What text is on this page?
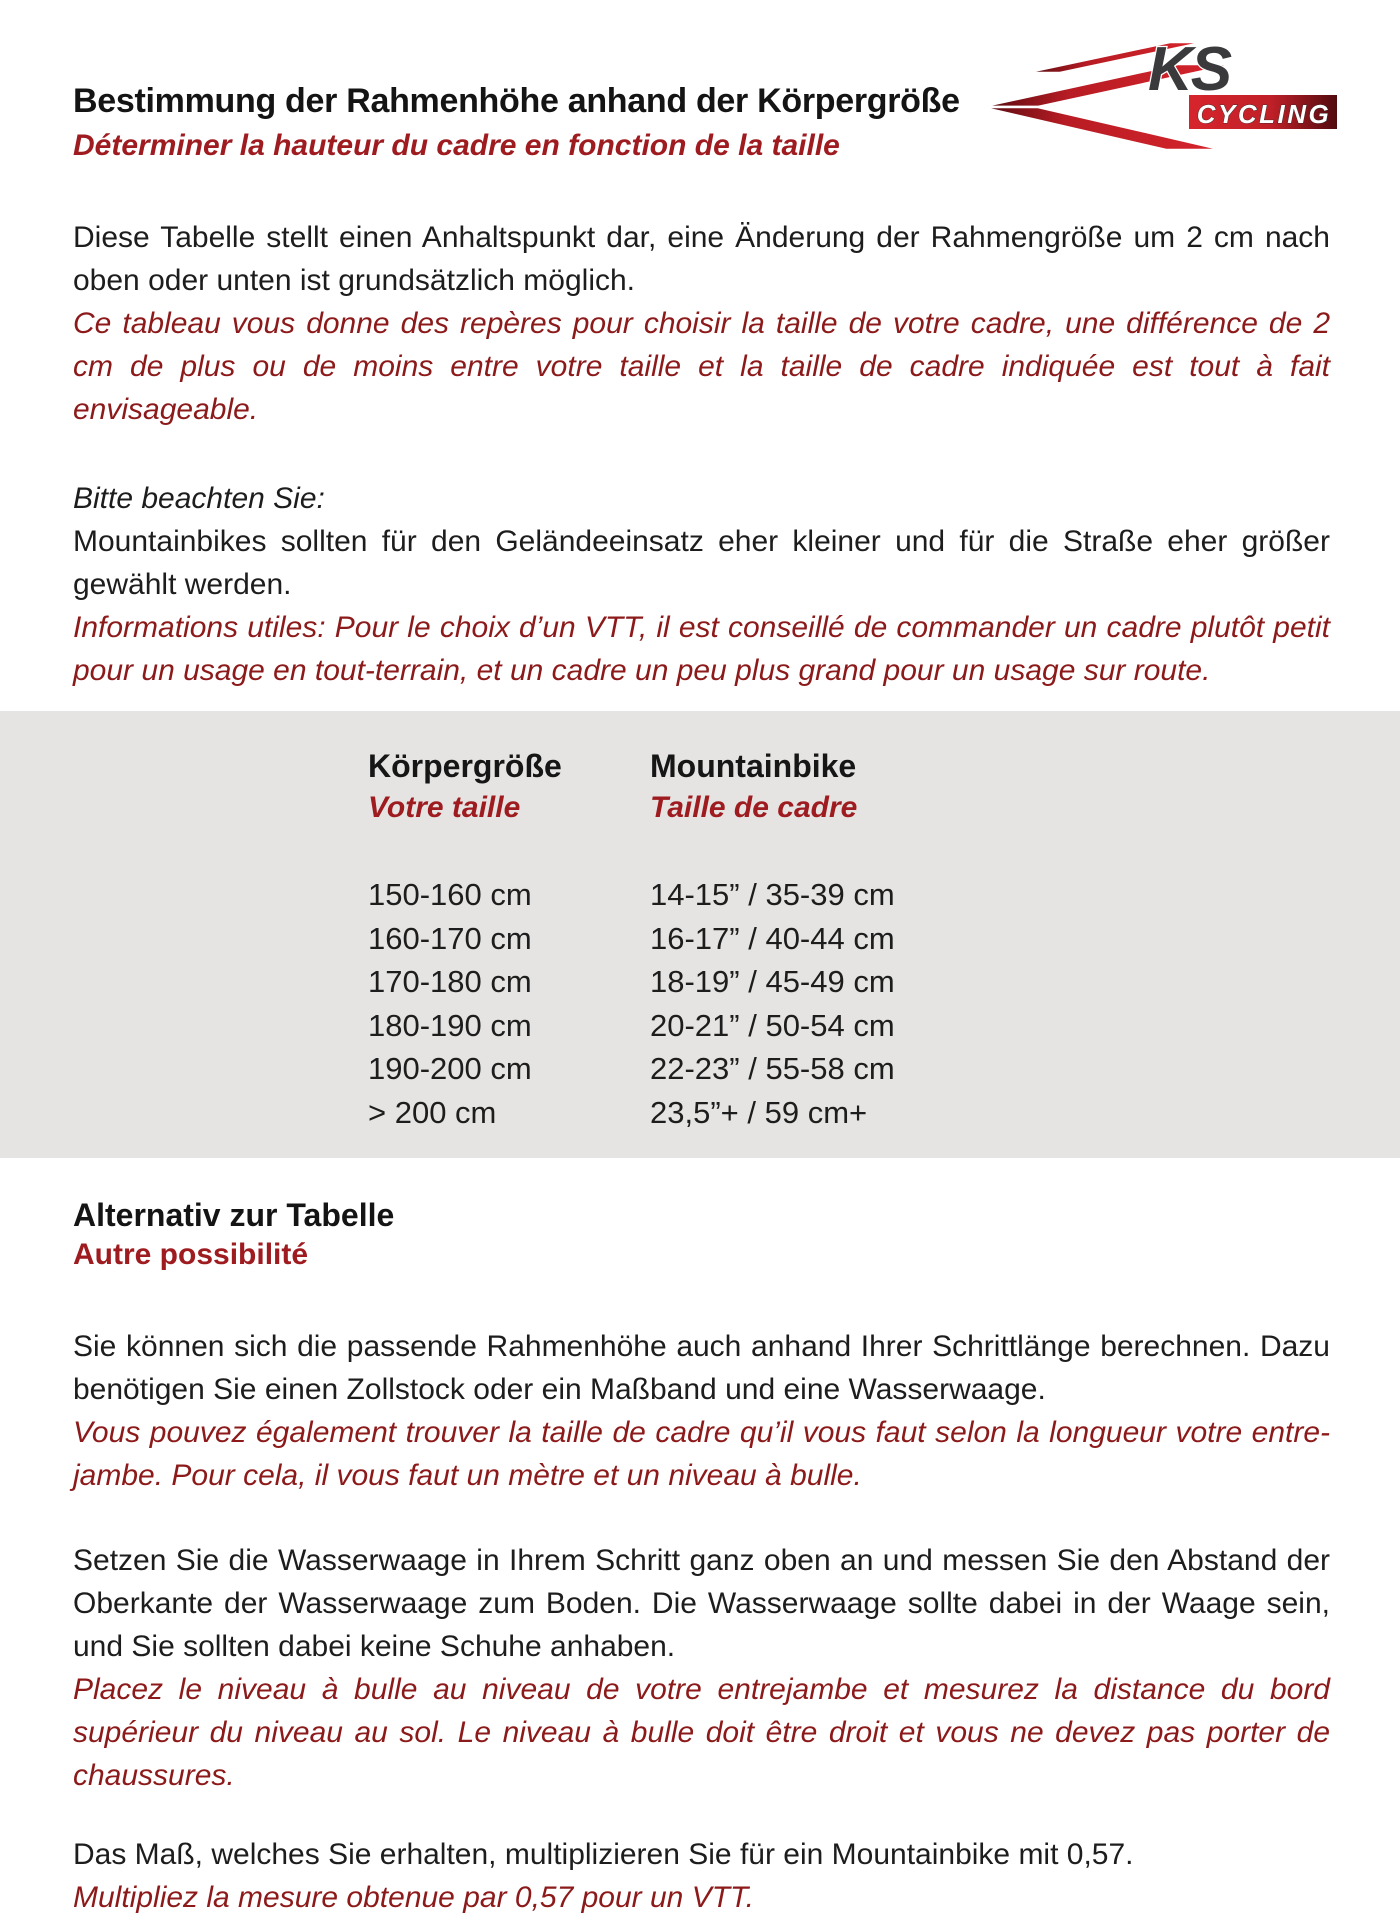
Bestimmung der Rahmenhöhe anhand der Körpergröße
Déterminer la hauteur du cadre en fonction de la taille
KS
CYCLING

Diese Tabelle stellt einen Anhaltspunkt dar, eine Änderung der Rahmengröße um 2 cm nach oben oder unten ist grundsätzlich möglich.

Ce tableau vous donne des repères pour choisir la taille de votre cadre, une différence de 2 cm de plus ou de moins entre votre taille et la taille de cadre indiquée est tout à fait envisageable.

Bitte beachten Sie:

Mountainbikes sollten für den Geländeeinsatz eher kleiner und für die Straße eher größer gewählt werden.

Informations utiles: Pour le choix d’un VTT, il est conseillé de commander un cadre plutôt petit pour un usage en tout-terrain, et un cadre un peu plus grand pour un usage sur route.

Körpergröße	Mountainbike
Votre taille	Taille de cadre
150-160 cm	14-15” / 35-39 cm
160-170 cm	16-17” / 40-44 cm
170-180 cm	18-19” / 45-49 cm
180-190 cm	20-21” / 50-54 cm
190-200 cm	22-23” / 55-58 cm
> 200 cm	23,5”+ / 59 cm+

Alternativ zur Tabelle

Autre possibilité

Sie können sich die passende Rahmenhöhe auch anhand Ihrer Schrittlänge berechnen. Dazu benötigen Sie einen Zollstock oder ein Maßband und eine Wasserwaage.

Vous pouvez également trouver la taille de cadre qu’il vous faut selon la longueur votre entre-jambe. Pour cela, il vous faut un mètre et un niveau à bulle.

Setzen Sie die Wasserwaage in Ihrem Schritt ganz oben an und messen Sie den Abstand der Oberkante der Wasserwaage zum Boden. Die Wasserwaage sollte dabei in der Waage sein, und Sie sollten dabei keine Schuhe anhaben.

Placez le niveau à bulle au niveau de votre entrejambe et mesurez la distance du bord supérieur du niveau au sol. Le niveau à bulle doit être droit et vous ne devez pas porter de chaussures.

Das Maß, welches Sie erhalten, multiplizieren Sie für ein Mountainbike mit 0,57.

Multipliez la mesure obtenue par 0,57 pour un VTT.
